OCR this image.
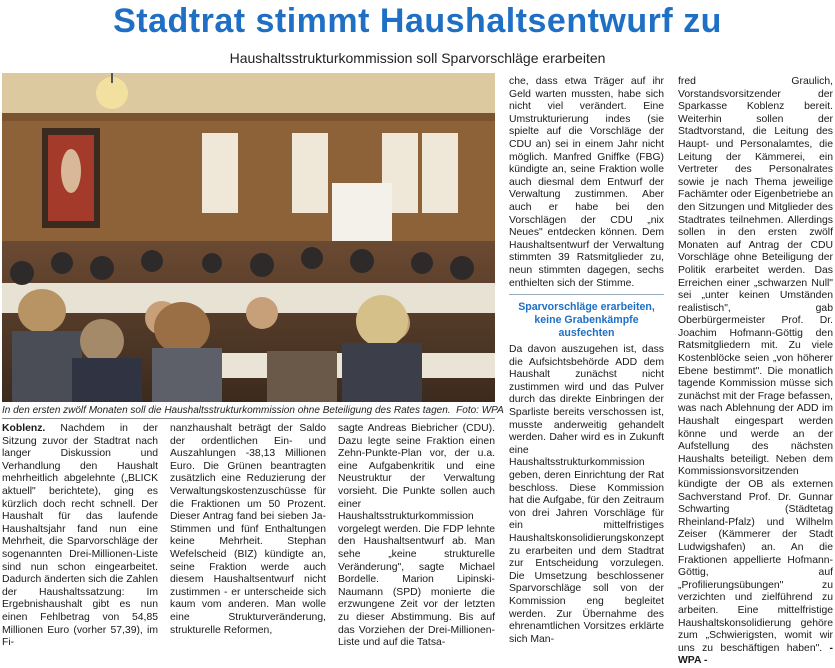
Stadtrat stimmt Haushaltsentwurf zu
Haushaltsstrukturkommission soll Sparvorschläge erarbeiten
In den ersten zwölf Monaten soll die Haushaltsstrukturkommission ohne Beteiligung des Rates tagen. Foto: WPA

Koblenz. Nachdem in der Sitzung zuvor der Stadtrat nach langer Diskussion und Verhandlung den Haushalt mehrheitlich abgelehnte („BLICK aktuell" berichtete), ging es kürzlich doch recht schnell. Der Haushalt für das laufende Haushaltsjahr fand nun eine Mehrheit, die Sparvorschläge der sogenannten Drei-Millionen-Liste sind nun schon eingearbeitet. Dadurch änderten sich die Zahlen der Haushaltssatzung: Im Ergebnishaushalt gibt es nun einen Fehlbetrag von 54,85 Millionen Euro (vorher 57,39), im Fi-

nanzhaushalt beträgt der Saldo der ordentlichen Ein- und Auszahlungen -38,13 Millionen Euro. Die Grünen beantragten zusätzlich eine Reduzierung der Verwaltungskostenzuschüsse für die Fraktionen um 50 Prozent. Dieser Antrag fand bei sieben Ja-Stimmen und fünf Enthaltungen keine Mehrheit. Stephan Wefelscheid (BIZ) kündigte an, seine Fraktion werde auch diesem Haushaltsentwurf nicht zustimmen - er unterscheide sich kaum vom anderen. Man wolle eine Strukturveränderung, strukturelle Reformen,

sagte Andreas Biebricher (CDU). Dazu legte seine Fraktion einen Zehn-Punkte-Plan vor, der u.a. eine Aufgabenkritik und eine Neustruktur der Verwaltung vorsieht. Die Punkte sollen auch einer Haushaltsstrukturkommission vorgelegt werden. Die FDP lehnte den Haushaltsentwurf ab. Man sehe „keine strukturelle Veränderung", sagte Michael Bordelle. Marion Lipinski-Naumann (SPD) monierte die erzwungene Zeit vor der letzten zu dieser Abstimmung. Bis auf das Vorziehen der Drei-Millionen-Liste und auf die Tatsa-

che, dass etwa Träger auf ihr Geld warten mussten, habe sich nicht viel verändert. Eine Umstrukturierung indes (sie spielte auf die Vorschläge der CDU an) sei in einem Jahr nicht möglich. Manfred Gniffke (FBG) kündigte an, seine Fraktion wolle auch diesmal dem Entwurf der Verwaltung zustimmen. Aber auch er habe bei den Vorschlägen der CDU „nix Neues" entdecken können. Dem Haushaltsentwurf der Verwaltung stimmten 39 Ratsmitglieder zu, neun stimmten dagegen, sechs enthielten sich der Stimme.

Sparvorschläge erarbeiten, keine Grabenkämpfe ausfechten

Da davon auszugehen ist, dass die Aufsichtsbehörde ADD dem Haushalt zunächst nicht zustimmen wird und das Pulver durch das direkte Einbringen der Sparliste bereits verschossen ist, musste anderweitig gehandelt werden. Daher wird es in Zukunft eine Haushaltsstrukturkommission geben, deren Einrichtung der Rat beschloss. Diese Kommission hat die Aufgabe, für den Zeitraum von drei Jahren Vorschläge für ein mittelfristiges Haushaltskonsolidierungskonzept zu erarbeiten und dem Stadtrat zur Entscheidung vorzulegen. Die Umsetzung beschlossener Sparvorschläge soll von der Kommission eng begleitet werden. Zur Übernahme des ehrenamtlichen Vorsitzes erklärte sich Man-

fred Graulich, Vorstandsvorsitzender der Sparkasse Koblenz bereit. Weiterhin sollen der Stadtvorstand, die Leitung des Haupt- und Personalamtes, die Leitung der Kämmerei, ein Vertreter des Personalrates sowie je nach Thema jeweilige Fachämter oder Eigenbetriebe an den Sitzungen und Mitglieder des Stadtrates teilnehmen. Allerdings sollen in den ersten zwölf Monaten auf Antrag der CDU Vorschläge ohne Beteiligung der Politik erarbeitet werden. Das Erreichen einer „schwarzen Null" sei „unter keinen Umständen realistisch", gab Oberbürgermeister Prof. Dr. Joachim Hofmann-Göttig den Ratsmitgliedern mit. Zu viele Kostenblöcke seien „von höherer Ebene bestimmt". Die monatlich tagende Kommission müsse sich zunächst mit der Frage befassen, was nach Ablehnung der ADD im Haushalt eingespart werden könne und werde an der Aufstellung des nächsten Haushalts beteiligt. Neben dem Kommissionsvorsitzenden kündigte der OB als externen Sachverstand Prof. Dr. Gunnar Schwarting (Städtetag Rheinland-Pfalz) und Wilhelm Zeiser (Kämmerer der Stadt Ludwigshafen) an. An die Fraktionen appellierte Hofmann-Göttig, auf „Profilierungsübungen" zu verzichten und zielführend zu arbeiten. Eine mittelfristige Haushaltskonsolidierung gehöre zum „Schwierigsten, womit wir uns zu beschäftigen haben". - WPA -
